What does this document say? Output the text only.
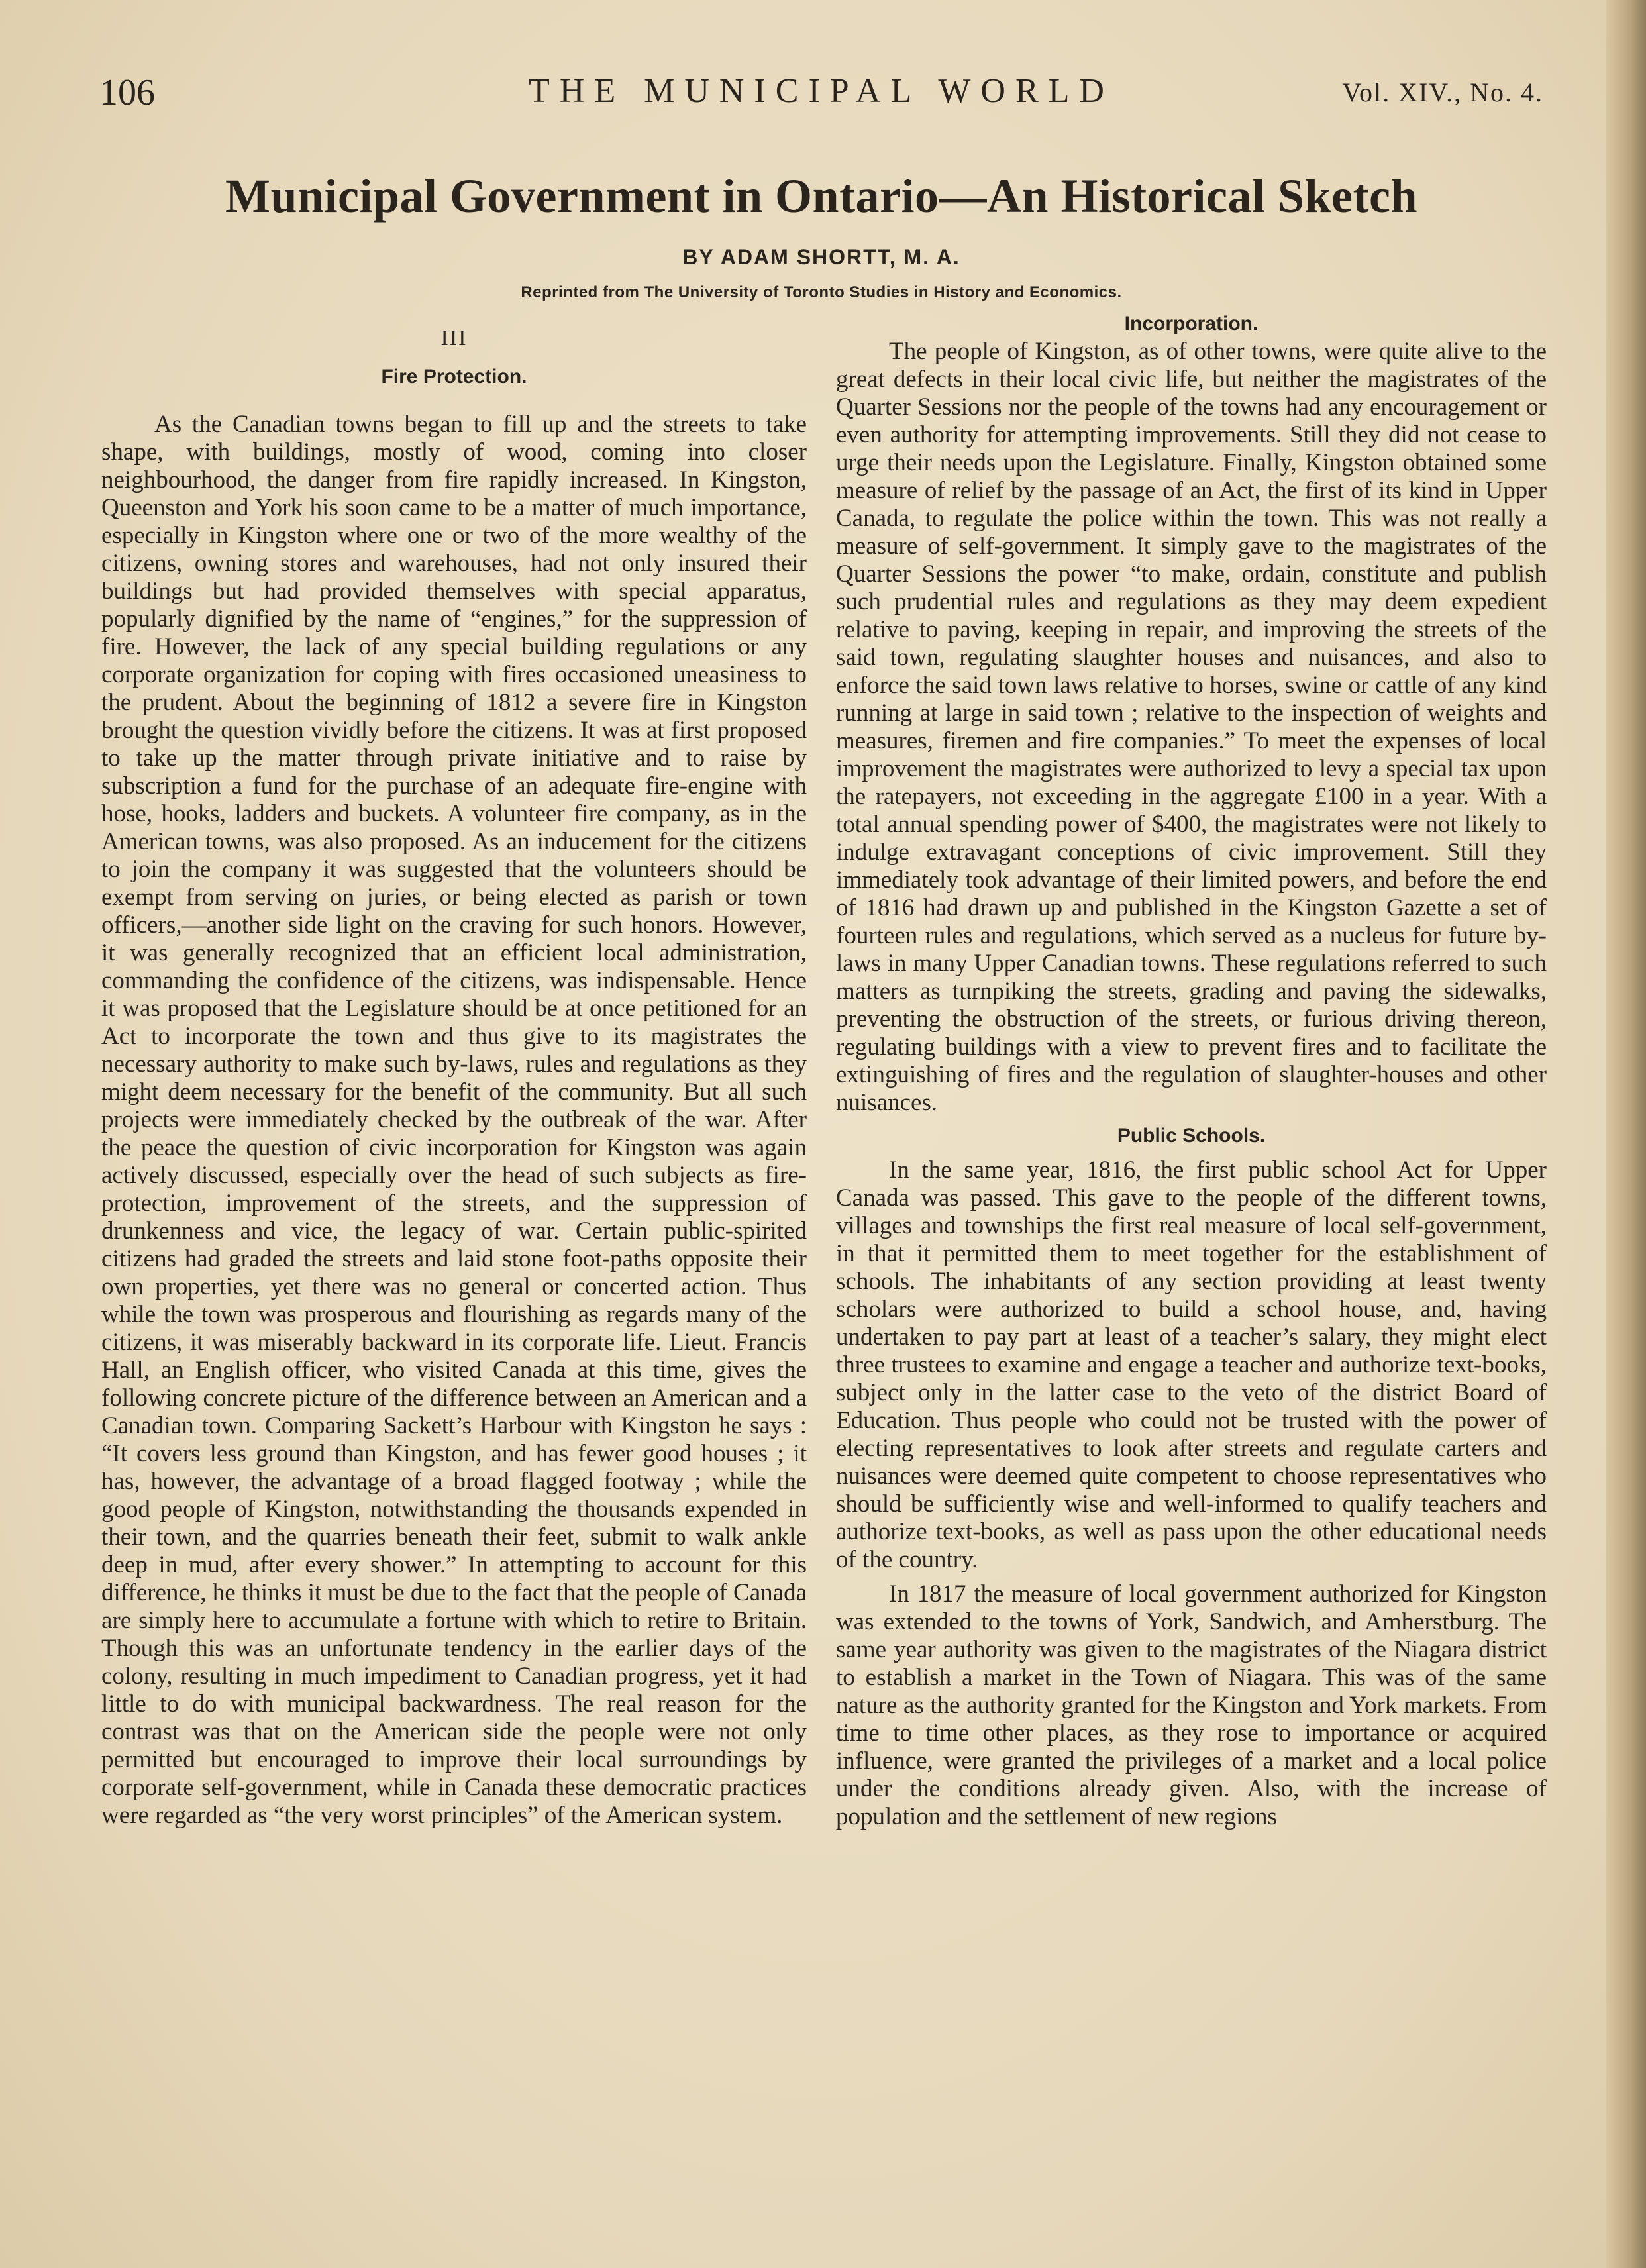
106	THE MUNICIPAL WORLD	Vol. XIV., No. 4.
Municipal Government in Ontario—An Historical Sketch
BY ADAM SHORTT, M. A.
Reprinted from The University of Toronto Studies in History and Economics.
III
Fire Protection.

As the Canadian towns began to fill up and the streets to take shape, with buildings, mostly of wood, coming into closer neighbourhood, the danger from fire rapidly increased. In Kingston, Queenston and York his soon came to be a matter of much importance, especially in Kingston where one or two of the more wealthy of the citizens, owning stores and warehouses, had not only insured their buildings but had provided themselves with special apparatus, popularly dignified by the name of “engines,” for the suppression of fire. However, the lack of any special building regulations or any corporate organization for coping with fires occasioned uneasiness to the prudent. About the beginning of 1812 a severe fire in Kingston brought the question vividly before the citizens. It was at first proposed to take up the matter through private initiative and to raise by subscription a fund for the purchase of an adequate fire-engine with hose, hooks, ladders and buckets. A volunteer fire company, as in the American towns, was also proposed. As an inducement for the citizens to join the company it was suggested that the volunteers should be exempt from serving on juries, or being elected as parish or town officers,—another side light on the craving for such honors. However, it was generally recognized that an efficient local administration, commanding the confidence of the citizens, was indispensable. Hence it was proposed that the Legislature should be at once petitioned for an Act to incorporate the town and thus give to its magistrates the necessary authority to make such by-laws, rules and regulations as they might deem necessary for the benefit of the community. But all such projects were immediately checked by the outbreak of the war. After the peace the question of civic incorporation for Kingston was again actively discussed, especially over the head of such subjects as fire-protection, improvement of the streets, and the suppression of drunkenness and vice, the legacy of war. Certain public-spirited citizens had graded the streets and laid stone foot-paths opposite their own properties, yet there was no general or concerted action. Thus while the town was prosperous and flourishing as regards many of the citizens, it was miserably backward in its corporate life. Lieut. Francis Hall, an English officer, who visited Canada at this time, gives the following concrete picture of the difference between an American and a Canadian town. Comparing Sackett’s Harbour with Kingston he says : “It covers less ground than Kingston, and has fewer good houses ; it has, however, the advantage of a broad flagged footway ; while the good people of Kingston, notwithstanding the thousands expended in their town, and the quarries beneath their feet, submit to walk ankle deep in mud, after every shower.” In attempting to account for this difference, he thinks it must be due to the fact that the people of Canada are simply here to accumulate a fortune with which to retire to Britain. Though this was an unfortunate tendency in the earlier days of the colony, resulting in much impediment to Canadian progress, yet it had little to do with municipal backwardness. The real reason for the contrast was that on the American side the people were not only permitted but encouraged to improve their local surroundings by corporate self-government, while in Canada these democratic practices were regarded as “the very worst principles” of the American system.

Incorporation.

The people of Kingston, as of other towns, were quite alive to the great defects in their local civic life, but neither the magistrates of the Quarter Sessions nor the people of the towns had any encouragement or even authority for attempting improvements. Still they did not cease to urge their needs upon the Legislature. Finally, Kingston obtained some measure of relief by the passage of an Act, the first of its kind in Upper Canada, to regulate the police within the town. This was not really a measure of self-government. It simply gave to the magistrates of the Quarter Sessions the power “to make, ordain, constitute and publish such prudential rules and regulations as they may deem expedient relative to paving, keeping in repair, and improving the streets of the said town, regulating slaughter houses and nuisances, and also to enforce the said town laws relative to horses, swine or cattle of any kind running at large in said town ; relative to the inspection of weights and measures, firemen and fire companies.” To meet the expenses of local improvement the magistrates were authorized to levy a special tax upon the ratepayers, not exceeding in the aggregate £100 in a year. With a total annual spending power of $400, the magistrates were not likely to indulge extravagant conceptions of civic improvement. Still they immediately took advantage of their limited powers, and before the end of 1816 had drawn up and published in the Kingston Gazette a set of fourteen rules and regulations, which served as a nucleus for future by-laws in many Upper Canadian towns. These regulations referred to such matters as turnpiking the streets, grading and paving the sidewalks, preventing the obstruction of the streets, or furious driving thereon, regulating buildings with a view to prevent fires and to facilitate the extinguishing of fires and the regulation of slaughter-houses and other nuisances.

Public Schools.

In the same year, 1816, the first public school Act for Upper Canada was passed. This gave to the people of the different towns, villages and townships the first real measure of local self-government, in that it permitted them to meet together for the establishment of schools. The inhabitants of any section providing at least twenty scholars were authorized to build a school house, and, having undertaken to pay part at least of a teacher’s salary, they might elect three trustees to examine and engage a teacher and authorize text-books, subject only in the latter case to the veto of the district Board of Education. Thus people who could not be trusted with the power of electing representatives to look after streets and regulate carters and nuisances were deemed quite competent to choose representatives who should be sufficiently wise and well-informed to qualify teachers and authorize text-books, as well as pass upon the other educational needs of the country.

In 1817 the measure of local government authorized for Kingston was extended to the towns of York, Sandwich, and Amherstburg. The same year authority was given to the magistrates of the Niagara district to establish a market in the Town of Niagara. This was of the same nature as the authority granted for the Kingston and York markets. From time to time other places, as they rose to importance or acquired influence, were granted the privileges of a market and a local police under the conditions already given. Also, with the increase of population and the settlement of new regions
